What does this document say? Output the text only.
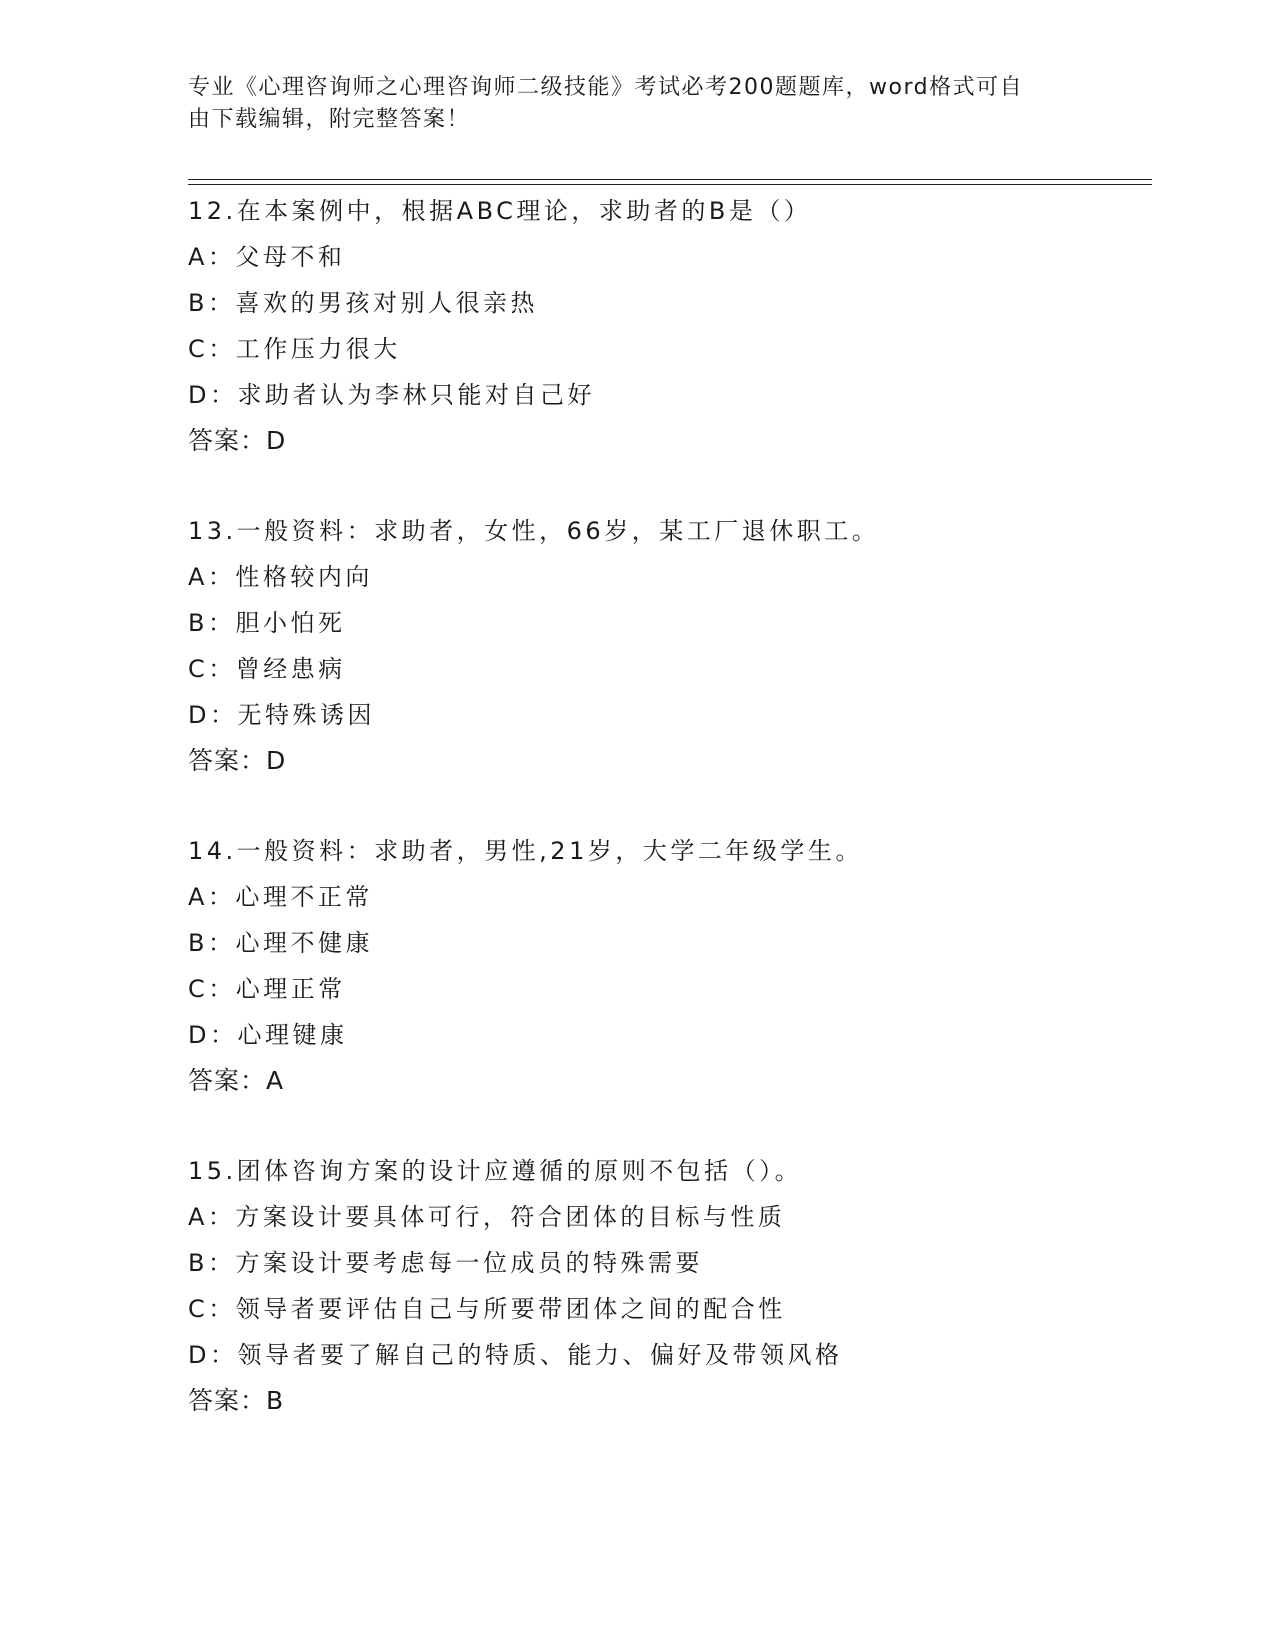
专业《心理咨询师之心理咨询师二级技能》考试必考200题题库，word格式可自
由下载编辑，附完整答案！
12.在本案例中，根据ABC理论，求助者的B是（）
A：父母不和
B：喜欢的男孩对别人很亲热
C：工作压力很大
D：求助者认为李林只能对自己好
答案：D
13.一般资料：求助者，女性，66岁，某工厂退休职工。
A：性格较内向
B：胆小怕死
C：曾经患病
D：无特殊诱因
答案：D
14.一般资料：求助者，男性,21岁，大学二年级学生。
A：心理不正常
B：心理不健康
C：心理正常
D：心理键康
答案：A
15.团体咨询方案的设计应遵循的原则不包括（）。
A：方案设计要具体可行，符合团体的目标与性质
B：方案设计要考虑每一位成员的特殊需要
C：领导者要评估自己与所要带团体之间的配合性
D：领导者要了解自己的特质、能力、偏好及带领风格
答案：B
